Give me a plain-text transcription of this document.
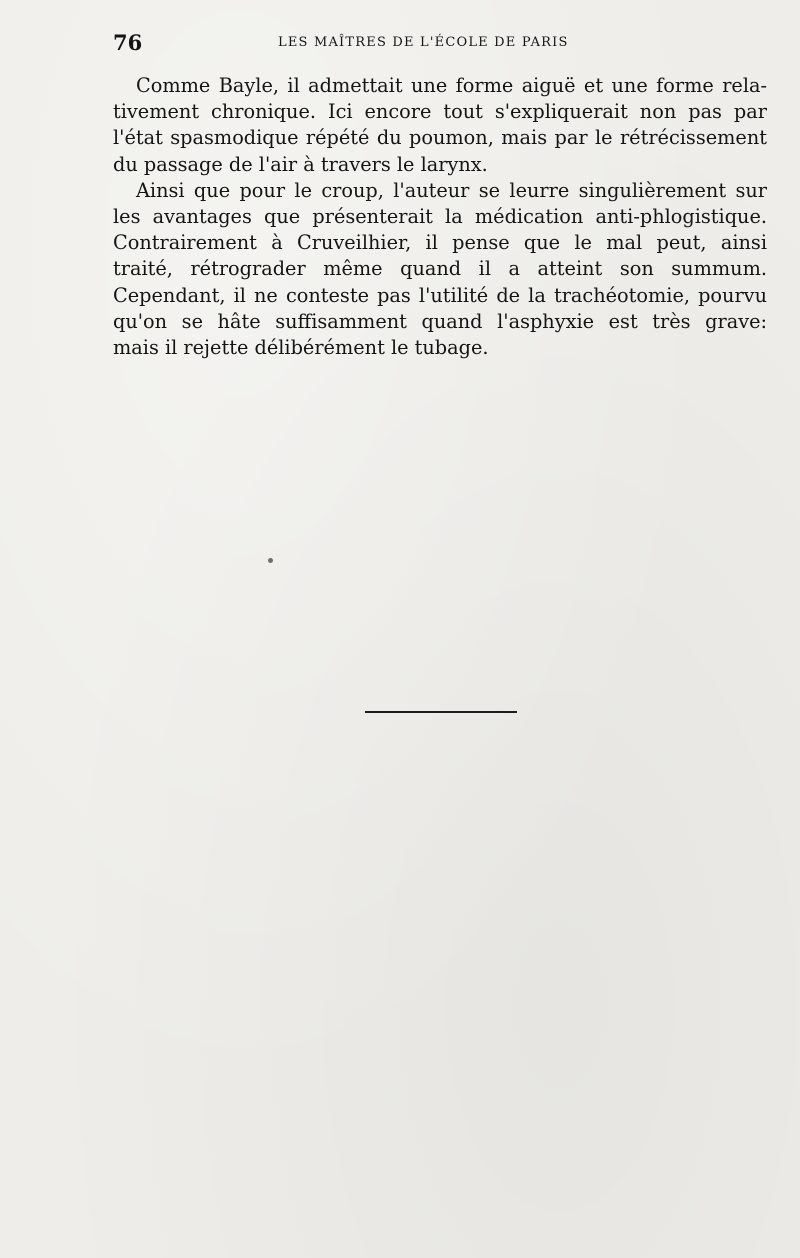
76	LES MAÎTRES DE L'ÉCOLE DE PARIS
Comme Bayle, il admettait une forme aiguë et une forme rela-
tivement chronique. Ici encore tout s'expliquerait non pas par
l'état spasmodique répété du poumon, mais par le rétrécissement
du passage de l'air à travers le larynx.
Ainsi que pour le croup, l'auteur se leurre singulièrement sur
les avantages que présenterait la médication anti-phlogistique.
Contrairement à Cruveilhier, il pense que le mal peut, ainsi
traité, rétrograder même quand il a atteint son summum.
Cependant, il ne conteste pas l'utilité de la trachéotomie, pourvu
qu'on se hâte suffisamment quand l'asphyxie est très grave:
mais il rejette délibérément le tubage.
